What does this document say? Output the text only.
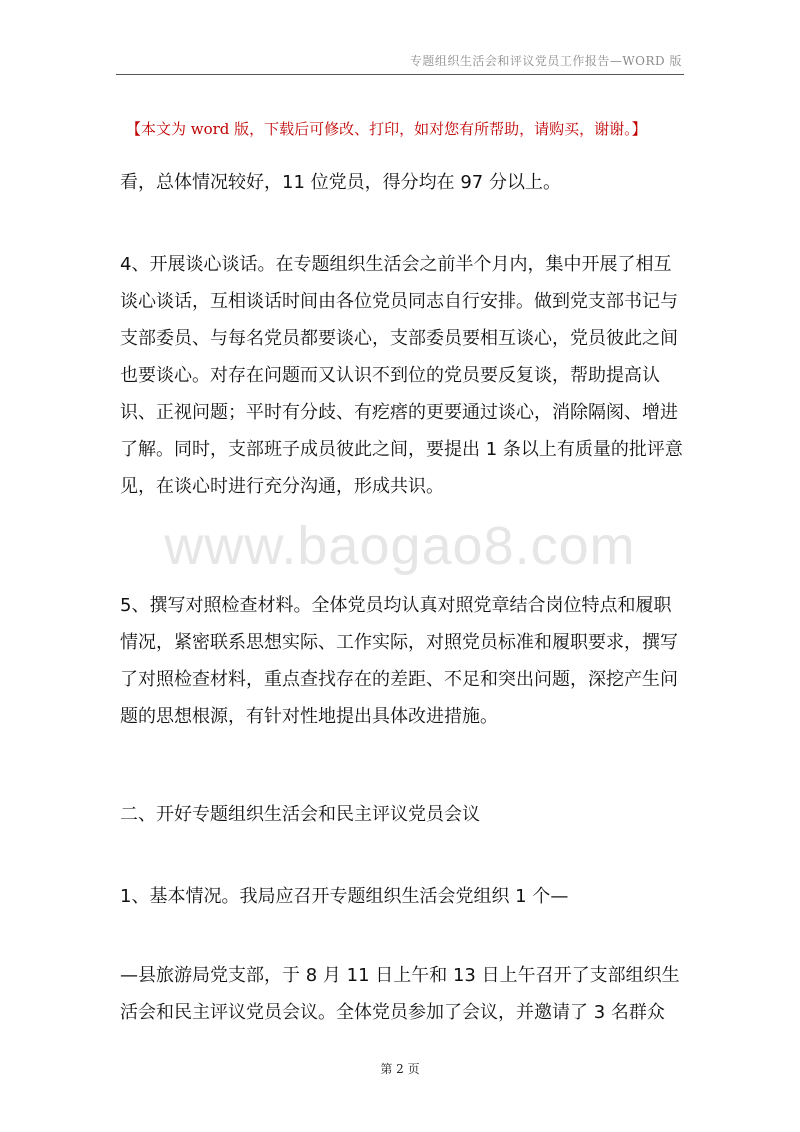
专题组织生活会和评议党员工作报告—WORD 版
【本文为 word 版，下载后可修改、打印，如对您有所帮助，请购买，谢谢。】
www.baogao8.com

看，总体情况较好，11 位党员，得分均在 97 分以上。

4、开展谈心谈话。在专题组织生活会之前半个月内，集中开展了相互谈心谈话，互相谈话时间由各位党员同志自行安排。做到党支部书记与支部委员、与每名党员都要谈心，支部委员要相互谈心，党员彼此之间也要谈心。对存在问题而又认识不到位的党员要反复谈，帮助提高认识、正视问题；平时有分歧、有疙瘩的更要通过谈心，消除隔阂、增进了解。同时，支部班子成员彼此之间，要提出 1 条以上有质量的批评意见，在谈心时进行充分沟通，形成共识。

5、撰写对照检查材料。全体党员均认真对照党章结合岗位特点和履职情况，紧密联系思想实际、工作实际，对照党员标准和履职要求，撰写了对照检查材料，重点查找存在的差距、不足和突出问题，深挖产生问题的思想根源，有针对性地提出具体改进措施。

二、开好专题组织生活会和民主评议党员会议

1、基本情况。我局应召开专题组织生活会党组织 1 个—

—县旅游局党支部，于 8 月 11 日上午和 13 日上午召开了支部组织生活会和民主评议党员会议。全体党员参加了会议，并邀请了 3 名群众

第 2 页
